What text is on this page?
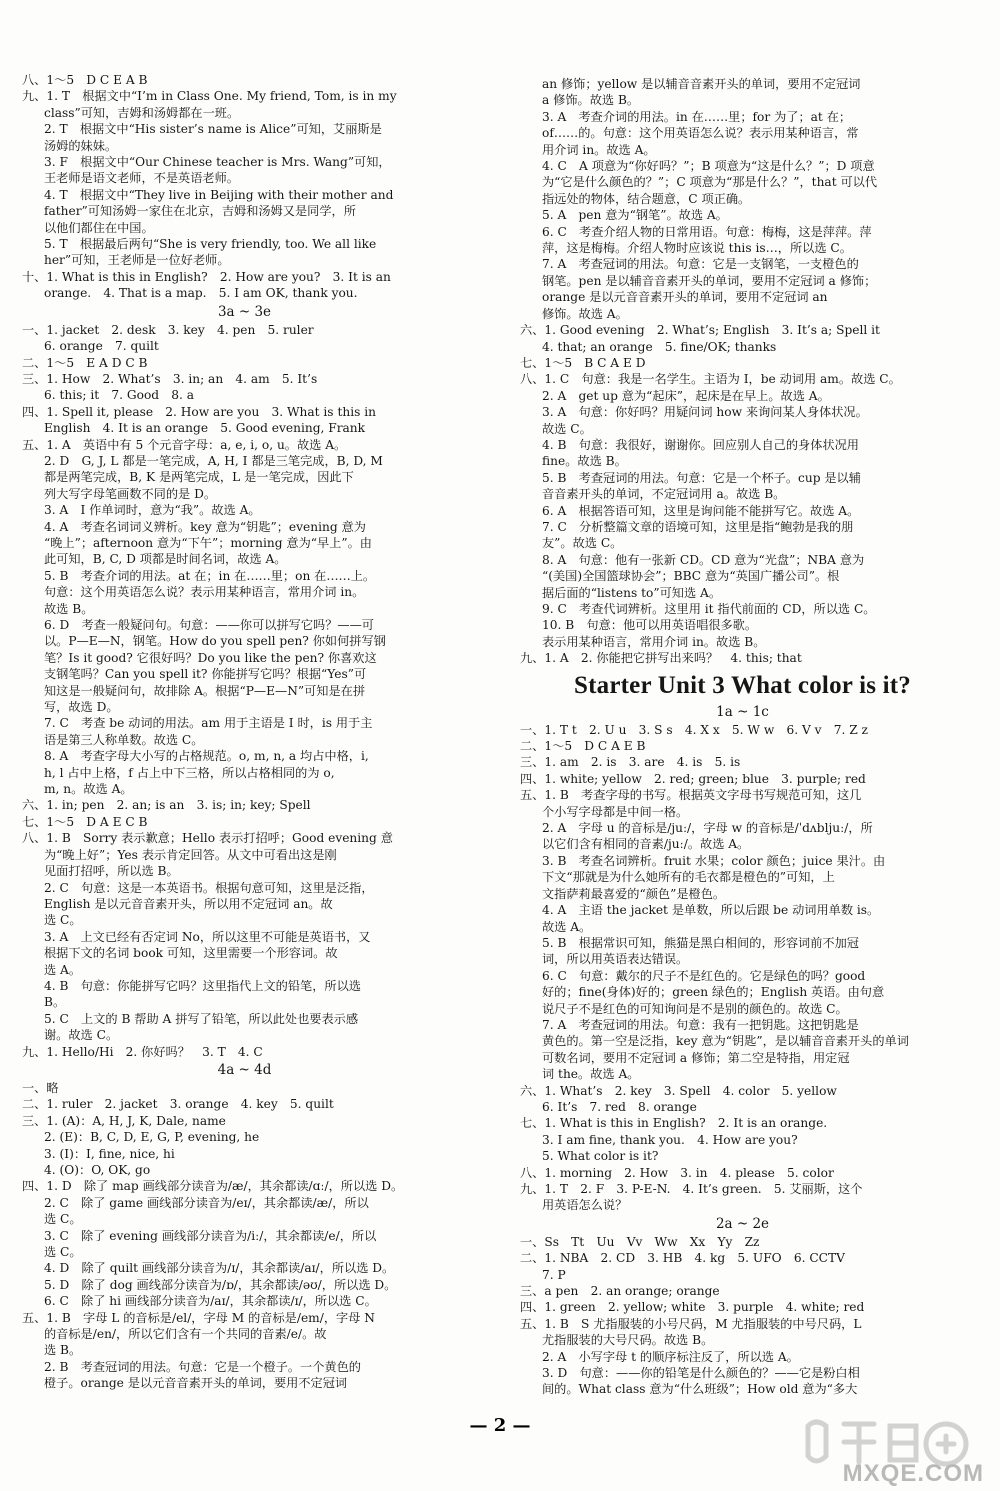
八、1～5　D C E A B
九、1. T　根据文中“I’m in Class One. My friend, Tom, is in my
class”可知，吉姆和汤姆都在一班。
2. T　根据文中“His sister’s name is Alice”可知，艾丽斯是
汤姆的妹妹。
3. F　根据文中“Our Chinese teacher is Mrs. Wang”可知，
王老师是语文老师，不是英语老师。
4. T　根据文中“They live in Beijing with their mother and
father”可知汤姆一家住在北京，吉姆和汤姆又是同学，所
以他们都住在中国。
5. T　根据最后两句“She is very friendly, too. We all like
her”可知，王老师是一位好老师。
十、1. What is this in English?　2. How are you?　3. It is an
orange.　4. That is a map.　5. I am OK, thank you.
3a ~ 3e
一、1. jacket　2. desk　3. key　4. pen　5. ruler
6. orange　7. quilt
二、1～5　E A D C B
三、1. How　2. What’s　3. in; an　4. am　5. It’s
6. this; it　7. Good　8. a
四、1. Spell it, please　2. How are you　3. What is this in
English　4. It is an orange　5. Good evening, Frank
五、1. A　英语中有 5 个元音字母：a, e, i, o, u。故选 A。
2. D　G, J, L 都是一笔完成，A, H, I 都是三笔完成，B, D, M
都是两笔完成，B, K 是两笔完成，L 是一笔完成，因此下
列大写字母笔画数不同的是 D。
3. A　I 作单词时，意为“我”。故选 A。
4. A　考查名词词义辨析。key 意为“钥匙”；evening 意为
“晚上”；afternoon 意为“下午”；morning 意为“早上”。由
此可知，B, C, D 项都是时间名词，故选 A。
5. B　考查介词的用法。at 在；in 在……里；on 在……上。
句意：这个用英语怎么说？表示用某种语言，常用介词 in。
故选 B。
6. D　考查一般疑问句。句意：——你可以拼写它吗？——可
以。P—E—N，钢笔。How do you spell pen? 你如何拼写钢
笔？Is it good? 它很好吗？Do you like the pen? 你喜欢这
支钢笔吗？Can you spell it? 你能拼写它吗？根据“Yes”可
知这是一般疑问句，故排除 A。根据“P—E—N”可知是在拼
写，故选 D。
7. C　考查 be 动词的用法。am 用于主语是 I 时，is 用于主
语是第三人称单数。故选 C。
8. A　考查字母大小写的占格规范。o, m, n, a 均占中格，i,
h, l 占中上格，f 占上中下三格，所以占格相同的为 o,
m, n。故选 A。
六、1. in; pen　2. an; is an　3. is; in; key; Spell
七、1～5　D A E C B
八、1. B　Sorry 表示歉意；Hello 表示打招呼；Good evening 意
为“晚上好”；Yes 表示肯定回答。从文中可看出这是刚
见面打招呼，所以选 B。
2. C　句意：这是一本英语书。根据句意可知，这里是泛指，
English 是以元音音素开头，所以用不定冠词 an。故
选 C。
3. A　上文已经有否定词 No，所以这里不可能是英语书，又
根据下文的名词 book 可知，这里需要一个形容词。故
选 A。
4. B　句意：你能拼写它吗？这里指代上文的铅笔，所以选
B。
5. C　上文的 B 帮助 A 拼写了铅笔，所以此处也要表示感
谢。故选 C。
九、1. Hello/Hi　2. 你好吗？　3. T　4. C
4a ~ 4d
一、略
二、1. ruler　2. jacket　3. orange　4. key　5. quilt
三、1. (A)：A, H, J, K, Dale, name
2. (E)：B, C, D, E, G, P, evening, he
3. (I)：I, fine, nice, hi
4. (O)：O, OK, go
四、1. D　除了 map 画线部分读音为/æ/，其余都读/ɑː/，所以选 D。
2. C　除了 game 画线部分读音为/eɪ/，其余都读/æ/，所以
选 C。
3. C　除了 evening 画线部分读音为/iː/，其余都读/e/，所以
选 C。
4. D　除了 quilt 画线部分读音为/ɪ/，其余都读/aɪ/，所以选 D。
5. D　除了 dog 画线部分读音为/ɒ/，其余都读/əʊ/，所以选 D。
6. C　除了 hi 画线部分读音为/aɪ/，其余都读/ɪ/，所以选 C。
五、1. B　字母 L 的音标是/el/，字母 M 的音标是/em/，字母 N
的音标是/en/，所以它们含有一个共同的音素/e/。故
选 B。
2. B　考查冠词的用法。句意：它是一个橙子。一个黄色的
橙子。orange 是以元音音素开头的单词，要用不定冠词
an 修饰；yellow 是以辅音音素开头的单词，要用不定冠词
a 修饰。故选 B。
3. A　考查介词的用法。in 在……里；for 为了；at 在；
of……的。句意：这个用英语怎么说？表示用某种语言，常
用介词 in。故选 A。
4. C　A 项意为“你好吗？”；B 项意为“这是什么？”；D 项意
为“它是什么颜色的？”；C 项意为“那是什么？”，that 可以代
指远处的物体，结合题意，C 项正确。
5. A　pen 意为“钢笔”。故选 A。
6. C　考查介绍人物的日常用语。句意：梅梅，这是萍萍。萍
萍，这是梅梅。介绍人物时应该说 this is…，所以选 C。
7. A　考查冠词的用法。句意：它是一支钢笔，一支橙色的
钢笔。pen 是以辅音音素开头的单词，要用不定冠词 a 修饰；
orange 是以元音音素开头的单词，要用不定冠词 an
修饰。故选 A。
六、1. Good evening　2. What’s; English　3. It’s a; Spell it
4. that; an orange　5. fine/OK; thanks
七、1～5　B C A E D
八、1. C　句意：我是一名学生。主语为 I，be 动词用 am。故选 C。
2. A　get up 意为“起床”，起床是在早上。故选 A。
3. A　句意：你好吗？用疑问词 how 来询问某人身体状况。
故选 C。
4. B　句意：我很好，谢谢你。回应别人自己的身体状况用
fine。故选 B。
5. B　考查冠词的用法。句意：它是一个杯子。cup 是以辅
音音素开头的单词，不定冠词用 a。故选 B。
6. A　根据答语可知，这里是询问能不能拼写它。故选 A。
7. C　分析整篇文章的语境可知，这里是指“鲍勃是我的朋
友”。故选 C。
8. A　句意：他有一张新 CD。CD 意为“光盘”；NBA 意为
“(美国)全国篮球协会”；BBC 意为“英国广播公司”。根
据后面的“listens to”可知选 A。
9. C　考查代词辨析。这里用 it 指代前面的 CD，所以选 C。
10. B　句意：他可以用英语唱很多歌。
表示用某种语言，常用介词 in。故选 B。
九、1. A　2. 你能把它拼写出来吗？　4. this; that
Starter Unit 3 What color is it?
1a ~ 1c
一、1. T t　2. U u　3. S s　4. X x　5. W w　6. V v　7. Z z
二、1～5　D C A E B
三、1. am　2. is　3. are　4. is　5. is
四、1. white; yellow　2. red; green; blue　3. purple; red
五、1. B　考查字母的书写。根据英文字母书写规范可知，这几
个小写字母都是中间一格。
2. A　字母 u 的音标是/juː/，字母 w 的音标是/ˈdʌbljuː/，所
以它们含有相同的音素/juː/。故选 A。
3. B　考查名词辨析。fruit 水果；color 颜色；juice 果汁。由
下文“那就是为什么她所有的毛衣都是橙色的”可知，上
文指萨莉最喜爱的“颜色”是橙色。
4. A　主语 the jacket 是单数，所以后跟 be 动词用单数 is。
故选 A。
5. B　根据常识可知，熊猫是黑白相间的，形容词前不加冠
词，所以用英语表达错误。
6. C　句意：戴尔的尺子不是红色的。它是绿色的吗？good
好的；fine(身体)好的；green 绿色的；English 英语。由句意
说尺子不是红色的可知询问是不是别的颜色的。故选 C。
7. A　考查冠词的用法。句意：我有一把钥匙。这把钥匙是
黄色的。第一空是泛指，key 意为“钥匙”，是以辅音音素开头的单词
可数名词，要用不定冠词 a 修饰；第二空是特指，用定冠
词 the。故选 A。
六、1. What’s　2. key　3. Spell　4. color　5. yellow
6. It’s　7. red　8. orange
七、1. What is this in English?　2. It is an orange.
3. I am fine, thank you.　4. How are you?
5. What color is it?
八、1. morning　2. How　3. in　4. please　5. color
九、1. T　2. F　3. P-E-N.　4. It’s green.　5. 艾丽斯，这个
用英语怎么说？
2a ~ 2e
一、Ss　Tt　Uu　Vv　Ww　Xx　Yy　Zz
二、1. NBA　2. CD　3. HB　4. kg　5. UFO　6. CCTV
7. P
三、a pen　2. an orange; orange
四、1. green　2. yellow; white　3. purple　4. white; red
五、1. B　S 尤指服装的小号尺码，M 尤指服装的中号尺码，L
尤指服装的大号尺码。故选 B。
2. A　小写字母 t 的顺序标注反了，所以选 A。
3. D　句意：——你的铅笔是什么颜色的？——它是粉白相
间的。What class 意为“什么班级”；How old 意为“多大
— 2 —
MXQE.COM
